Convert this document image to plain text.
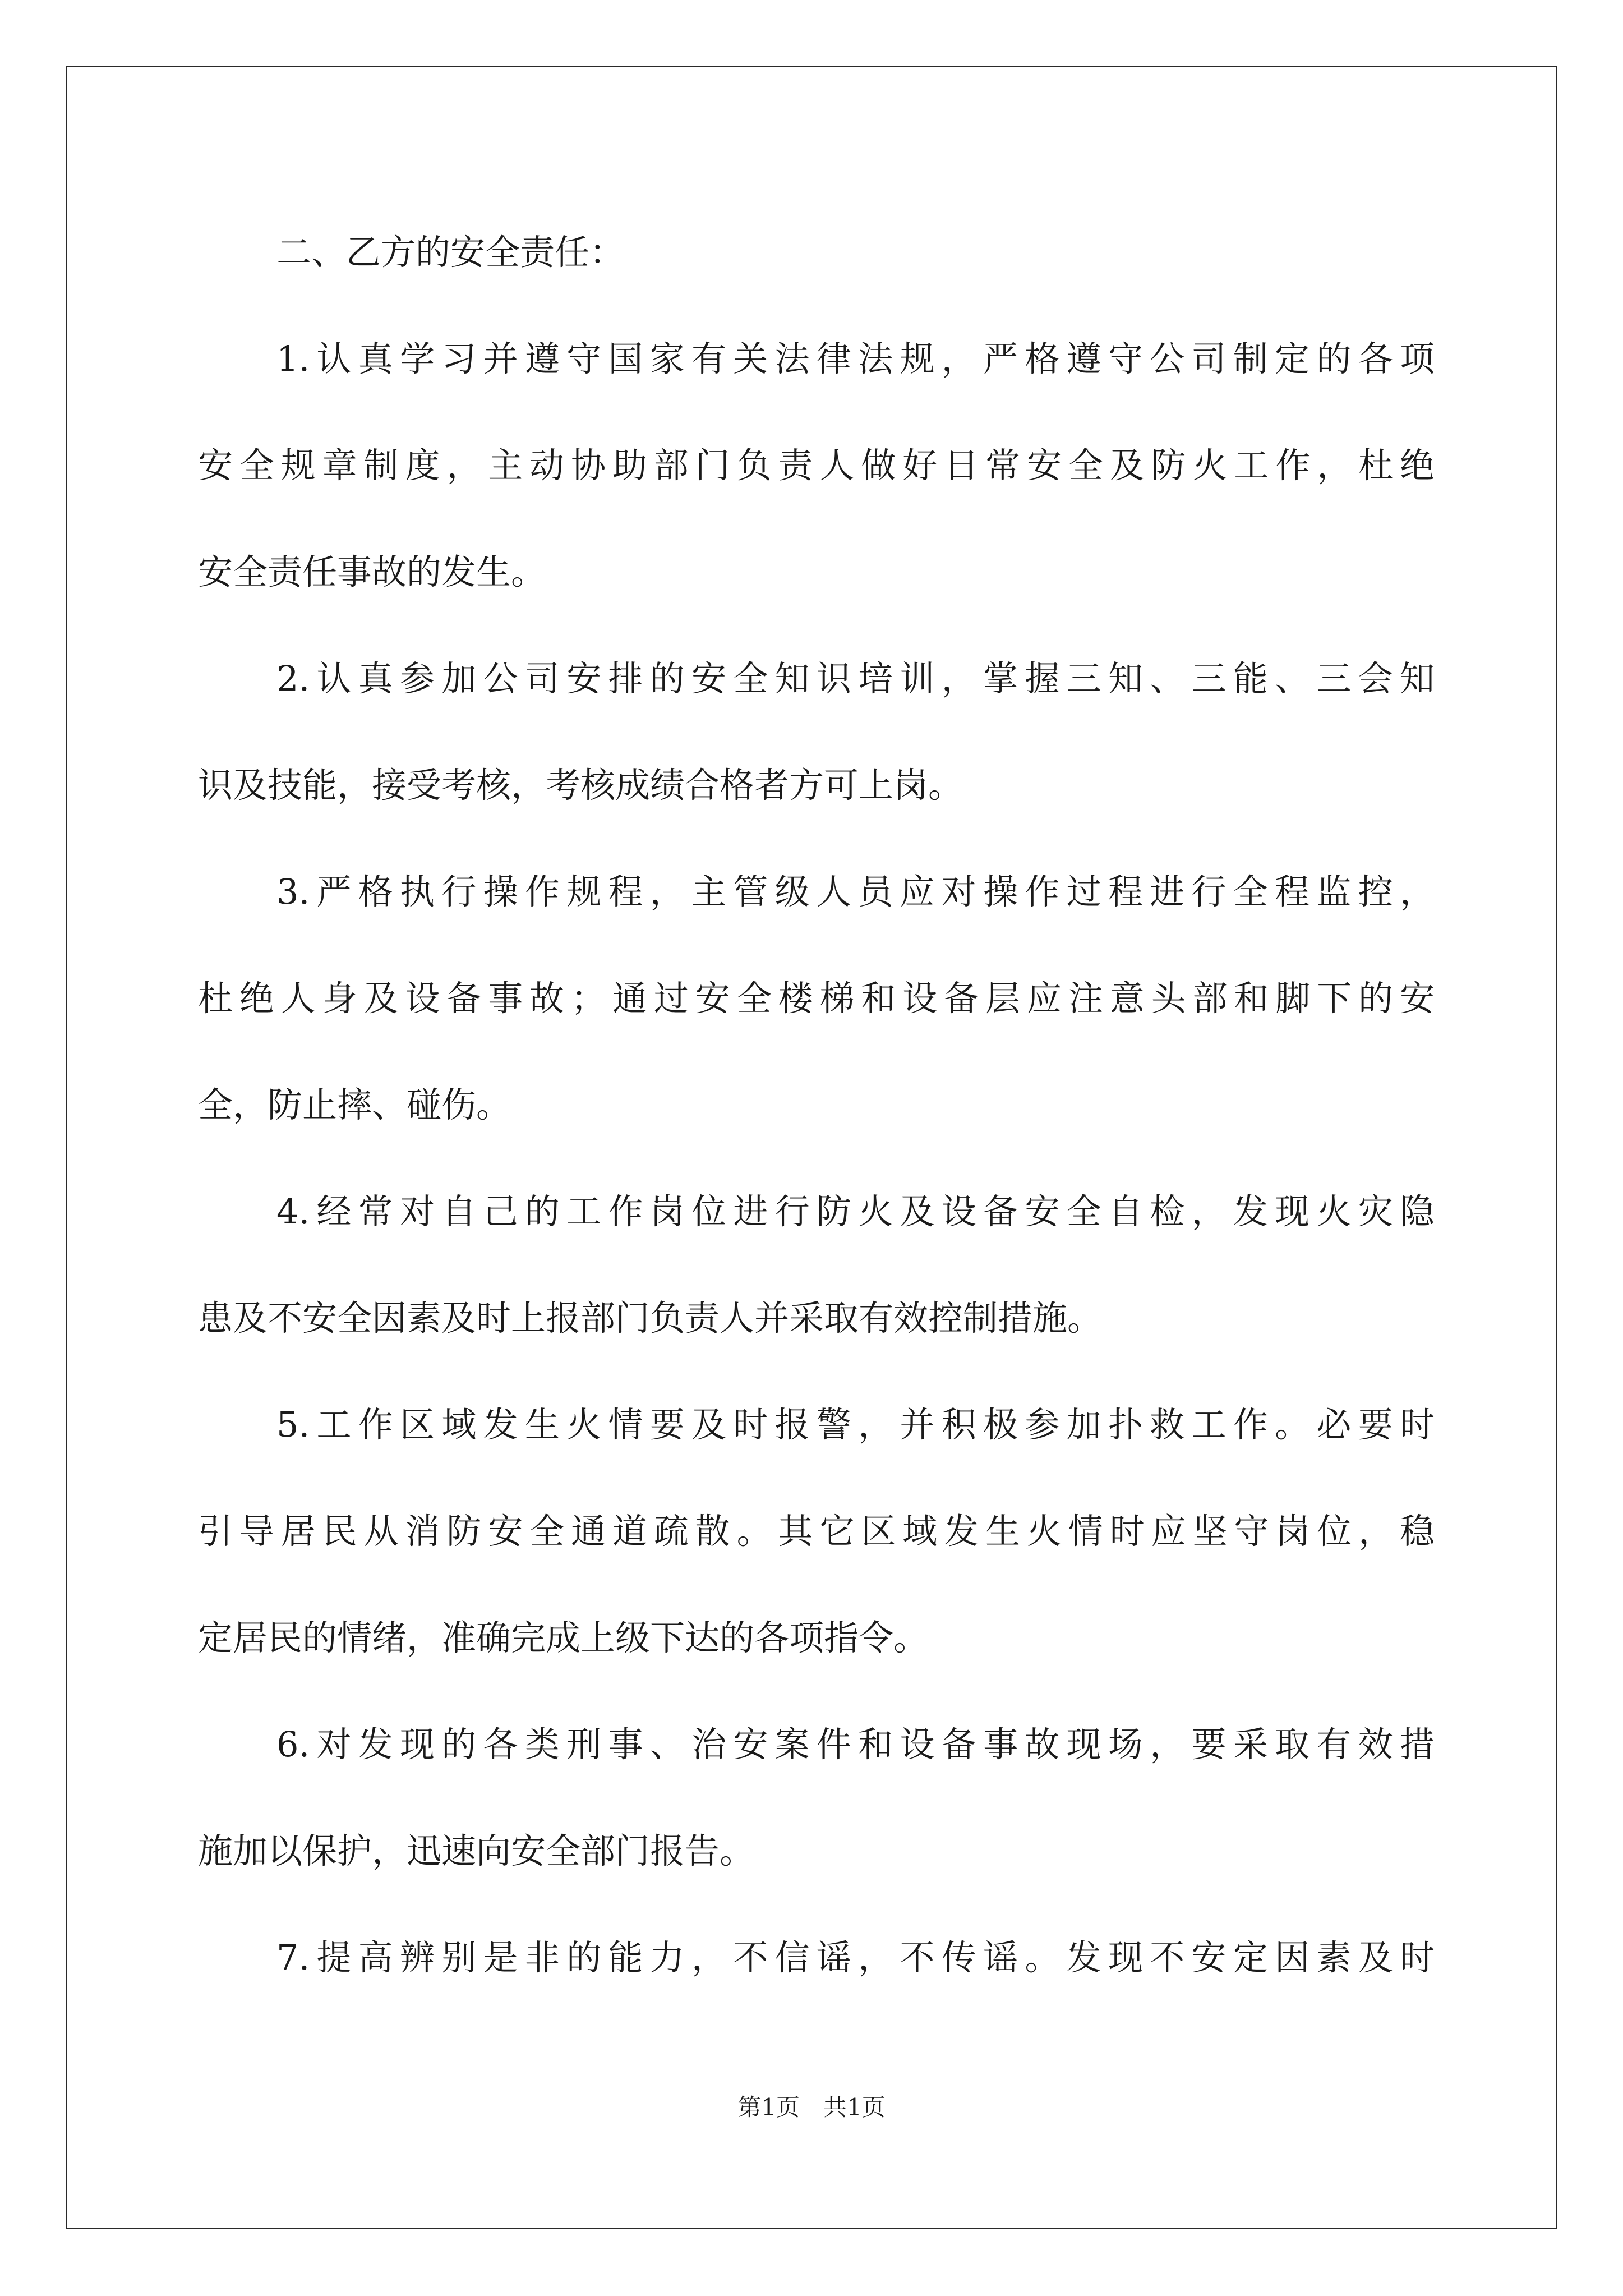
二、乙方的安全责任：
1.认真学习并遵守国家有关法律法规，严格遵守公司制定的各项
安全规章制度，主动协助部门负责人做好日常安全及防火工作，杜绝
安全责任事故的发生。
2.认真参加公司安排的安全知识培训，掌握三知、三能、三会知
识及技能，接受考核，考核成绩合格者方可上岗。
3.严格执行操作规程，主管级人员应对操作过程进行全程监控，
杜绝人身及设备事故；通过安全楼梯和设备层应注意头部和脚下的安
全，防止摔、碰伤。
4.经常对自己的工作岗位进行防火及设备安全自检，发现火灾隐
患及不安全因素及时上报部门负责人并采取有效控制措施。
5.工作区域发生火情要及时报警，并积极参加扑救工作。必要时
引导居民从消防安全通道疏散。其它区域发生火情时应坚守岗位，稳
定居民的情绪，准确完成上级下达的各项指令。
6.对发现的各类刑事、治安案件和设备事故现场，要采取有效措
施加以保护，迅速向安全部门报告。
7.提高辨别是非的能力，不信谣，不传谣。发现不安定因素及时
第1页　共1页
